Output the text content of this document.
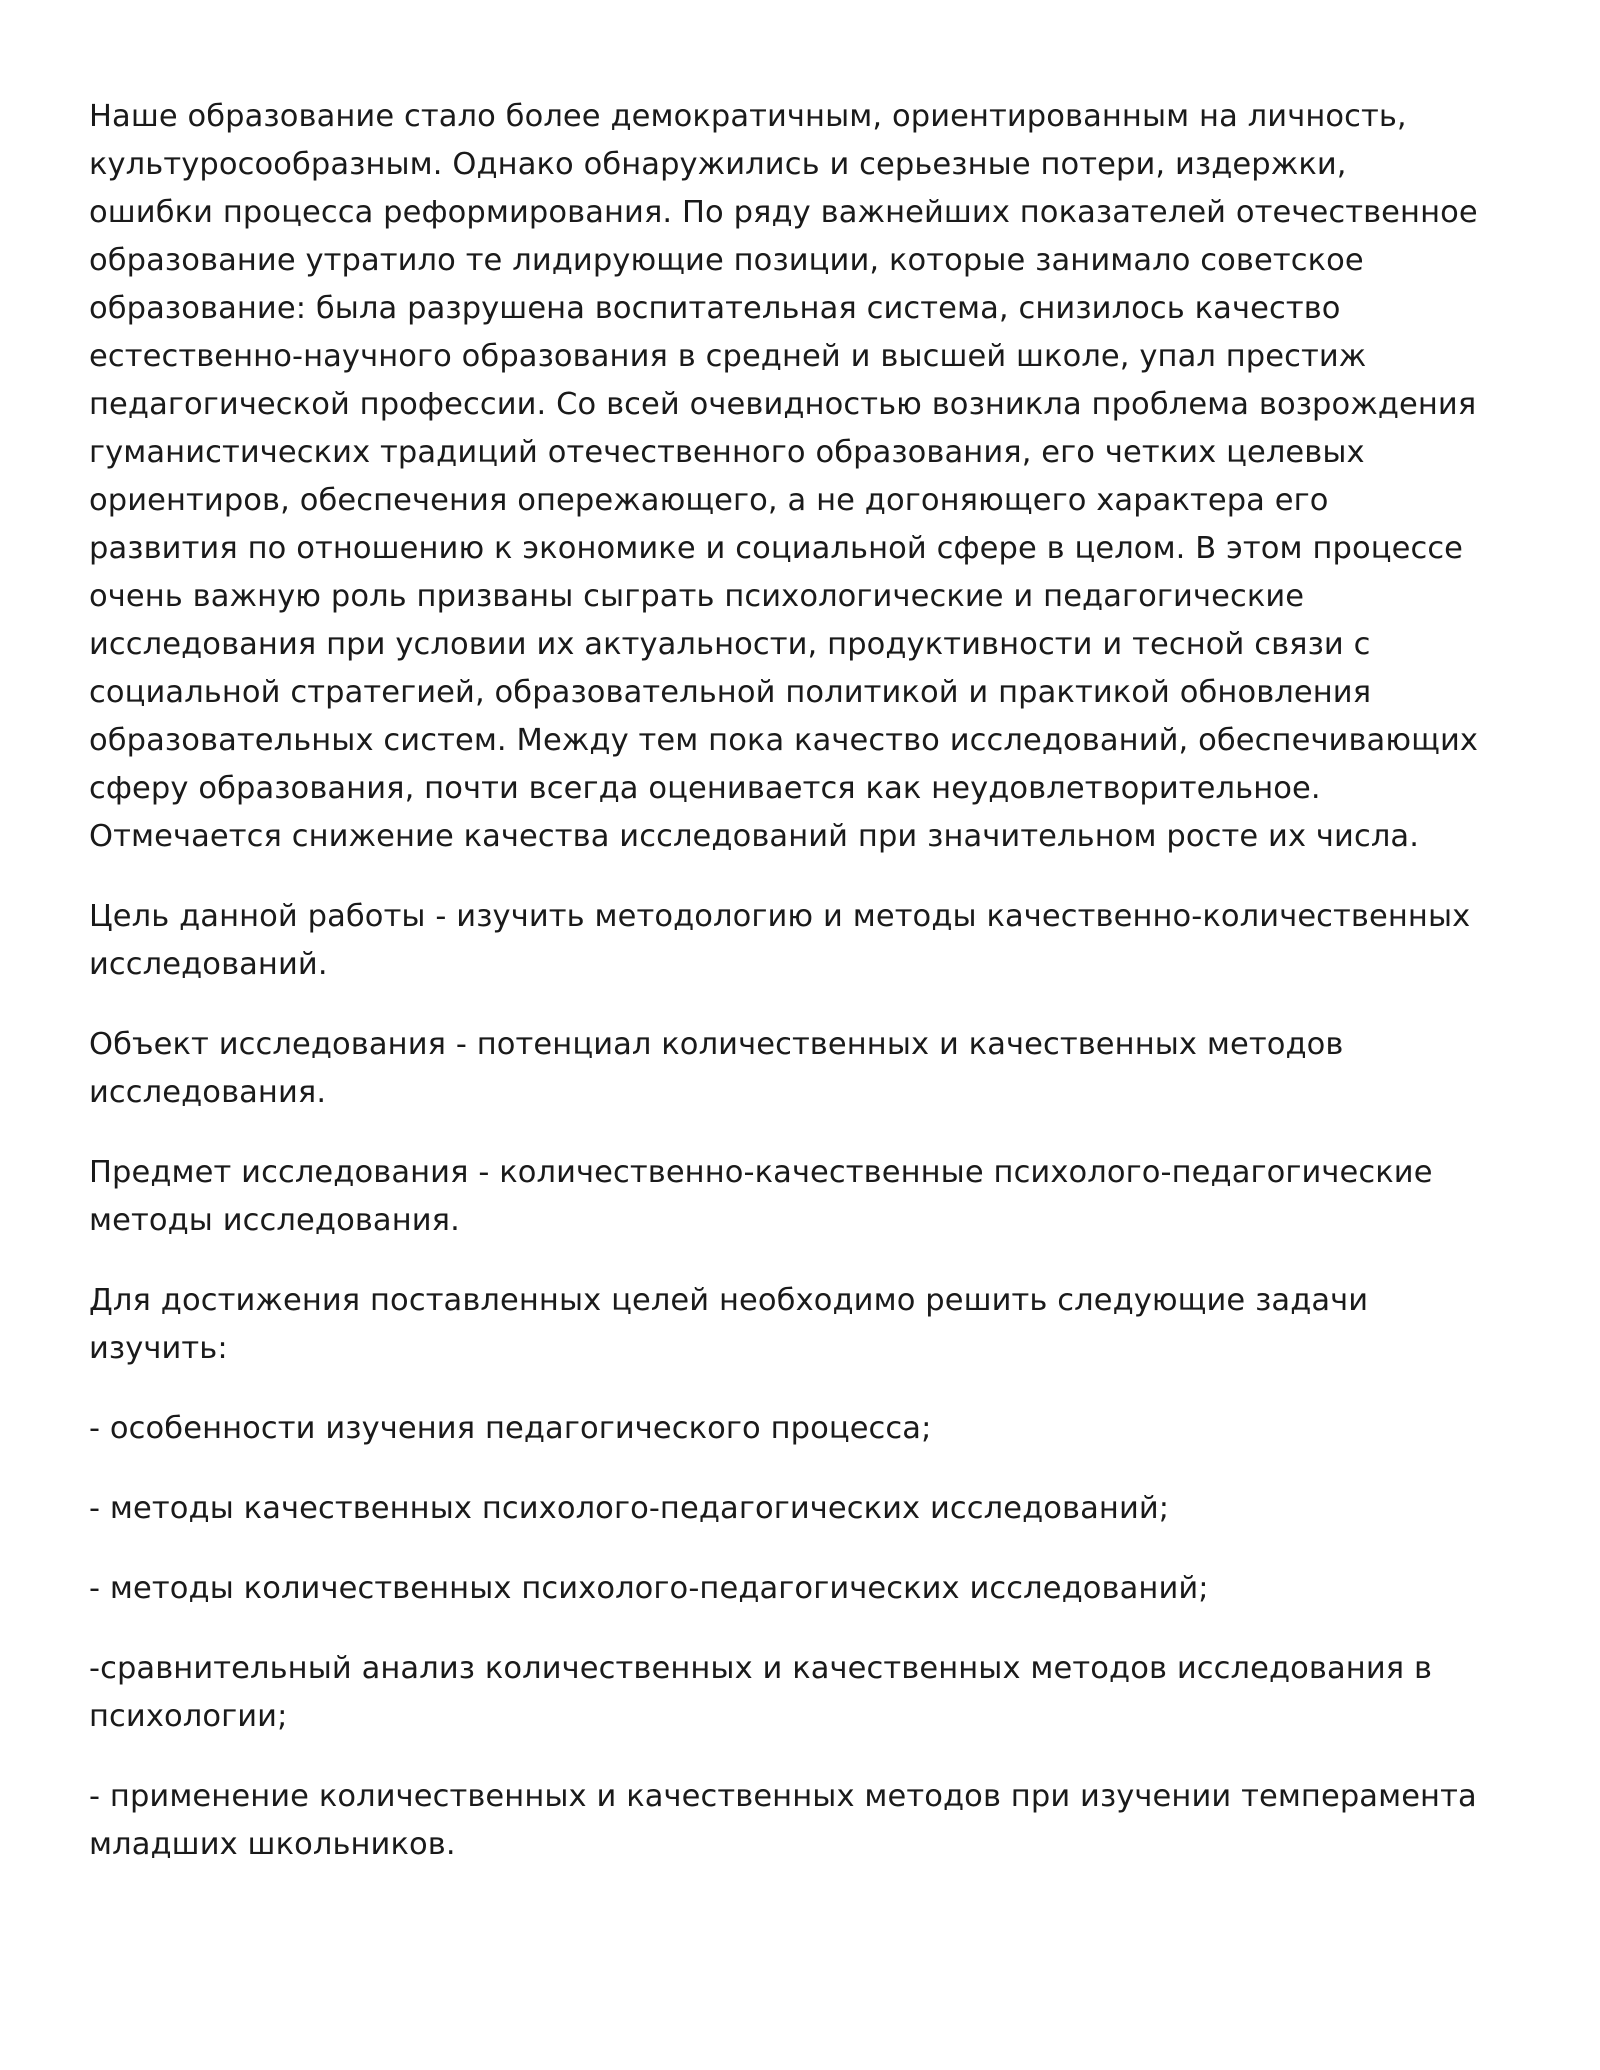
Наше образование стало более демократичным, ориентированным на личность,
культуросообразным. Однако обнаружились и серьезные потери, издержки,
ошибки процесса реформирования. По ряду важнейших показателей отечественное
образование утратило те лидирующие позиции, которые занимало советское
образование: была разрушена воспитательная система, снизилось качество
естественно-научного образования в средней и высшей школе, упал престиж
педагогической профессии. Со всей очевидностью возникла проблема возрождения
гуманистических традиций отечественного образования, его четких целевых
ориентиров, обеспечения опережающего, а не догоняющего характера его
развития по отношению к экономике и социальной сфере в целом. В этом процессе
очень важную роль призваны сыграть психологические и педагогические
исследования при условии их актуальности, продуктивности и тесной связи с
социальной стратегией, образовательной политикой и практикой обновления
образовательных систем. Между тем пока качество исследований, обеспечивающих
сферу образования, почти всегда оценивается как неудовлетворительное.
Отмечается снижение качества исследований при значительном росте их числа.
Цель данной работы - изучить методологию и методы качественно-количественных
исследований.
Объект исследования - потенциал количественных и качественных методов
исследования.
Предмет исследования - количественно-качественные психолого-педагогические
методы исследования.
Для достижения поставленных целей необходимо решить следующие задачи
изучить:
- особенности изучения педагогического процесса;
- методы качественных психолого-педагогических исследований;
- методы количественных психолого-педагогических исследований;
-сравнительный анализ количественных и качественных методов исследования в
психологии;
- применение количественных и качественных методов при изучении темперамента
младших школьников.
